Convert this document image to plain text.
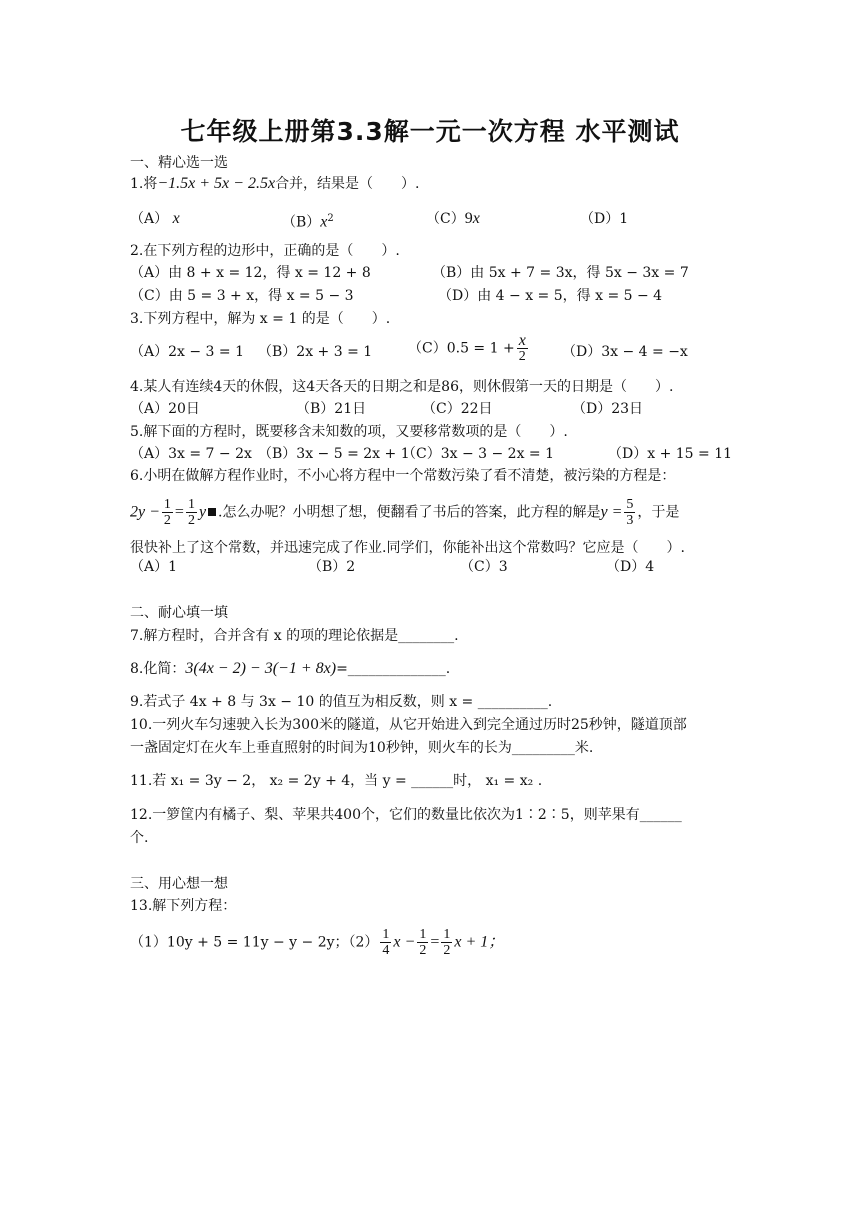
七年级上册第3.3解一元一次方程 水平测试
一、精心选一选
1.将−1.5x + 5x − 2.5x合并，结果是（　　）.
（A） x	$(B)x^2$	（C）9x	（D）1
2.在下列方程的边形中，正确的是（　　）.
（A）由 8 + x = 12，得 x = 12 + 8	（B）由 5x + 7 = 3x，得 5x − 3x = 7
（C）由 5 = 3 + x，得 x = 5 − 3	（D）由 4 − x = 5，得 x = 5 − 4
3.下列方程中，解为 x = 1 的是（　　）.
（A）2x − 3 = 1 （B）2x + 3 = 1	$(C)0.5 = 1 + \frac{x}{2} (D)3x - 4 = -x$
4.某人有连续4天的休假，这4天各天的日期之和是86，则休假第一天的日期是（　　）.
（A）20日	（B）21日	（C）22日	（D）23日
5.解下面的方程时，既要移含未知数的项，又要移常数项的是（　　）.
（A）3x = 7 − 2x （B）3x − 5 = 2x + 1
（C）3x − 3 − 2x = 1	（D）x + 15 = 11
6.小明在做解方程作业时，不小心将方程中一个常数污染了看不清楚，被污染的方程是：
$2y - \frac{1}{2} = \frac{1}{2}$ y .怎么办呢？小明想了想，便翻看了书后的答案，此方程的解是$y = \frac{5}{3}$ ，于是
很快补上了这个常数，并迅速完成了作业.同学们，你能补出这个常数吗？它应是（　　）.
（A）1	（B）2	（C）3	（D）4
二、耐心填一填
7.解方程时，合并含有 x 的项的理论依据是________.
8.化简：3(4x − 2) − 3(−1 + 8x)=______________.
9.若式子 4x + 8 与 3x − 10 的值互为相反数，则 x = __________.
10.一列火车匀速驶入长为300米的隧道，从它开始进入到完全通过历时25秒钟，隧道顶部
一盏固定灯在火车上垂直照射的时间为10秒钟，则火车的长为_________米.
11.若 x₁ = 3y − 2， x₂ = 2y + 4，当 y = ______时， x₁ = x₂ .
12.一箩筐内有橘子、梨、苹果共400个，它们的数量比依次为1∶2∶5，则苹果有______
个.
三、用心想一想
13.解下列方程：
（1）10y + 5 = 11y − y − 2y；$(2) \frac{1}{4}$ $x - \frac{1}{2} = \frac{1}{2}$ x + 1；
